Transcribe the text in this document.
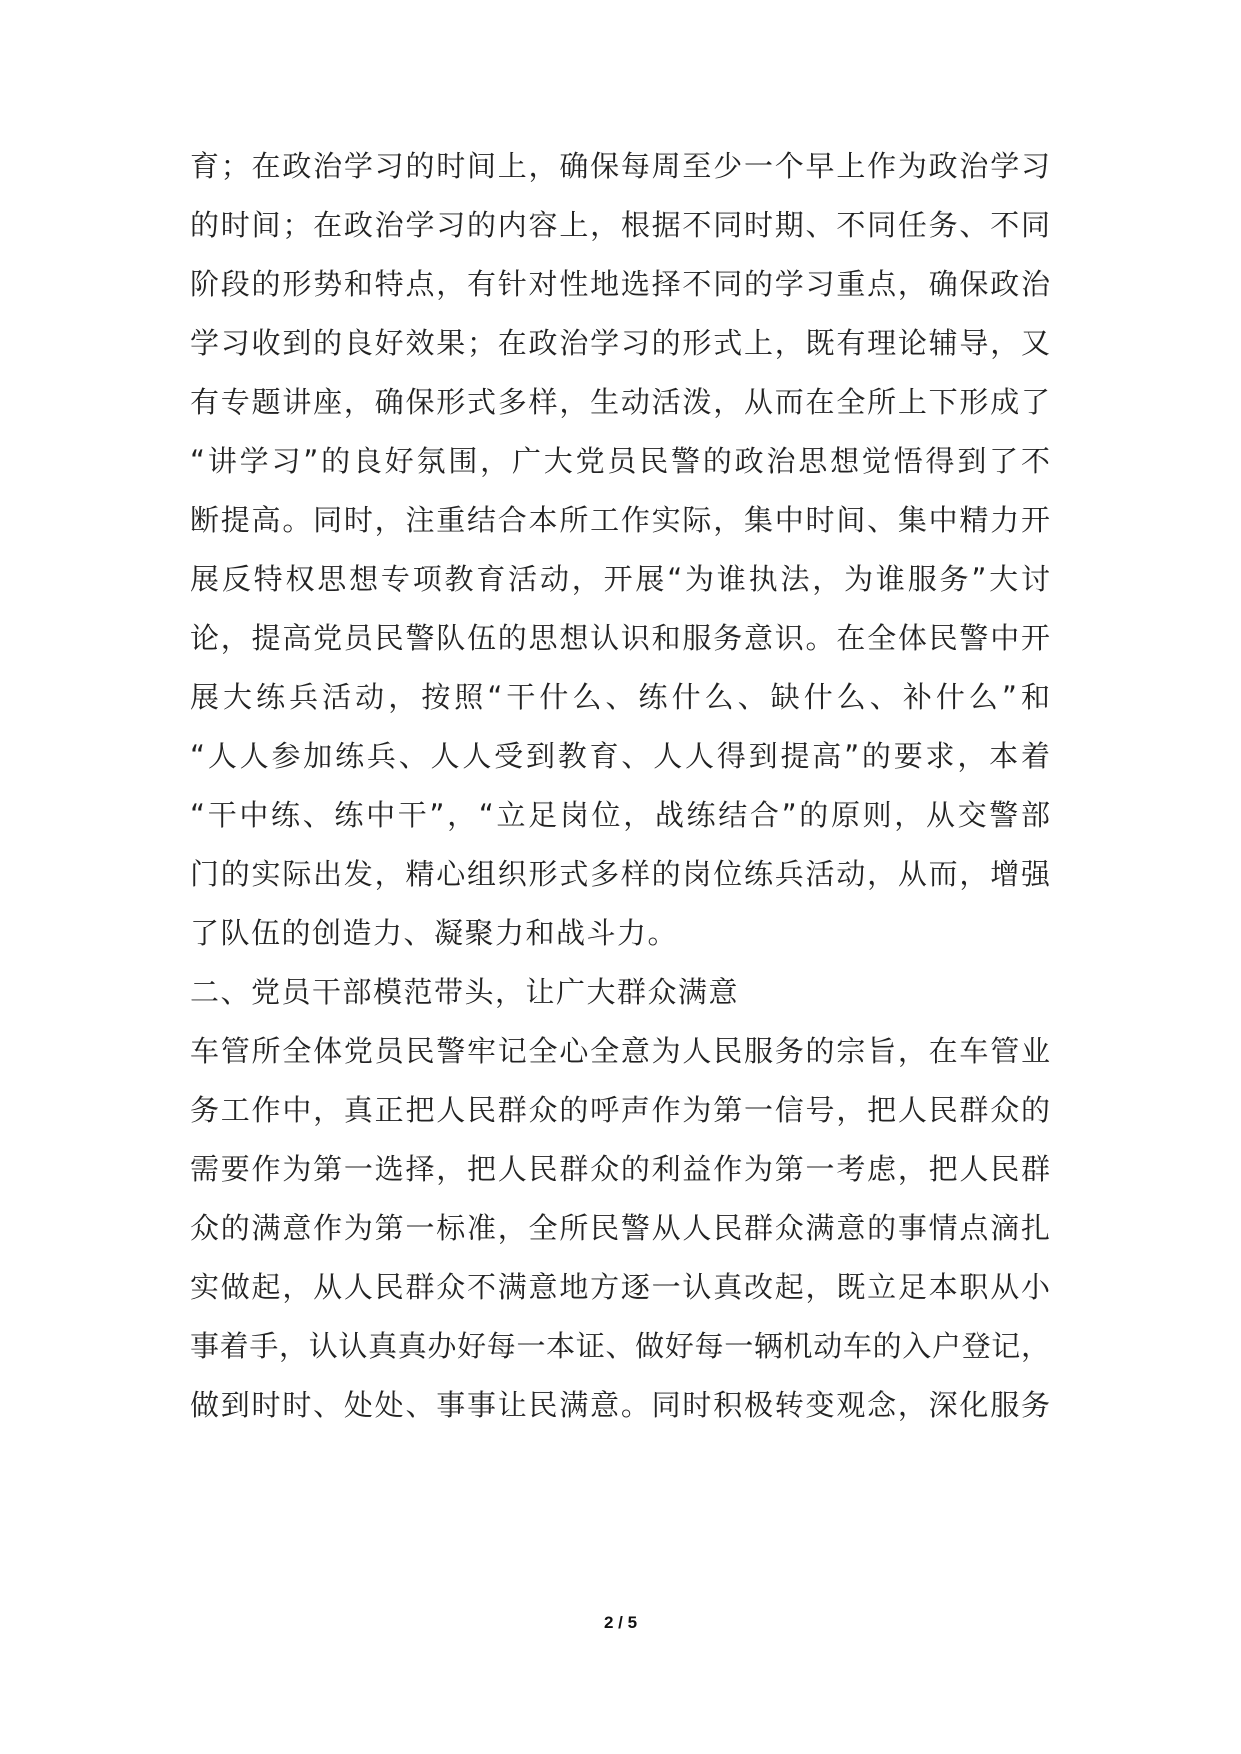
育；在政治学习的时间上，确保每周至少一个早上作为政治学习
的时间；在政治学习的内容上，根据不同时期、不同任务、不同
阶段的形势和特点，有针对性地选择不同的学习重点，确保政治
学习收到的良好效果；在政治学习的形式上，既有理论辅导，又
有专题讲座，确保形式多样，生动活泼，从而在全所上下形成了
“讲学习”的良好氛围，广大党员民警的政治思想觉悟得到了不
断提高。同时，注重结合本所工作实际，集中时间、集中精力开
展反特权思想专项教育活动，开展“为谁执法，为谁服务”大讨
论，提高党员民警队伍的思想认识和服务意识。在全体民警中开
展大练兵活动，按照“干什么、练什么、缺什么、补什么”和
“人人参加练兵、人人受到教育、人人得到提高”的要求，本着
“干中练、练中干”，“立足岗位，战练结合”的原则，从交警部
门的实际出发，精心组织形式多样的岗位练兵活动，从而，增强
了队伍的创造力、凝聚力和战斗力。
二、党员干部模范带头，让广大群众满意
车管所全体党员民警牢记全心全意为人民服务的宗旨，在车管业
务工作中，真正把人民群众的呼声作为第一信号，把人民群众的
需要作为第一选择，把人民群众的利益作为第一考虑，把人民群
众的满意作为第一标准，全所民警从人民群众满意的事情点滴扎
实做起，从人民群众不满意地方逐一认真改起，既立足本职从小
事着手，认认真真办好每一本证、做好每一辆机动车的入户登记，
做到时时、处处、事事让民满意。同时积极转变观念，深化服务
2 / 5
